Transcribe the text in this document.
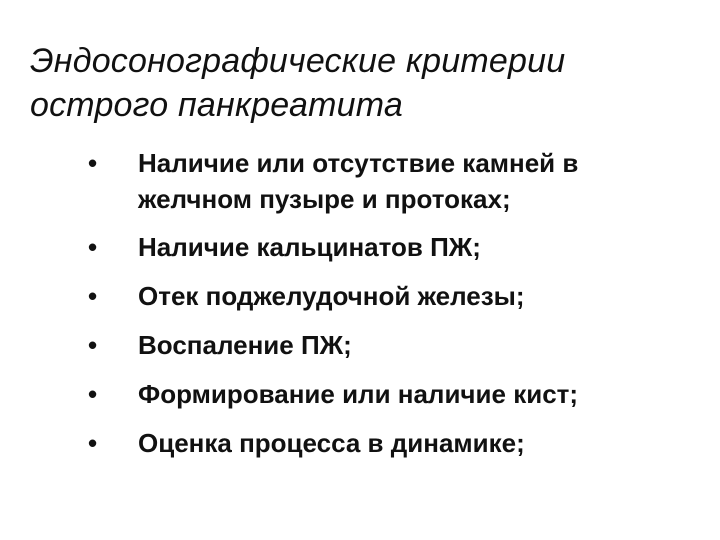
Эндосонографические критерии
острого панкреатита
• Наличие или отсутствие камней в желчном пузыре и протоках;
• Наличие кальцинатов ПЖ;
• Отек поджелудочной железы;
• Воспаление ПЖ;
• Формирование или наличие кист;
• Оценка процесса в динамике;
